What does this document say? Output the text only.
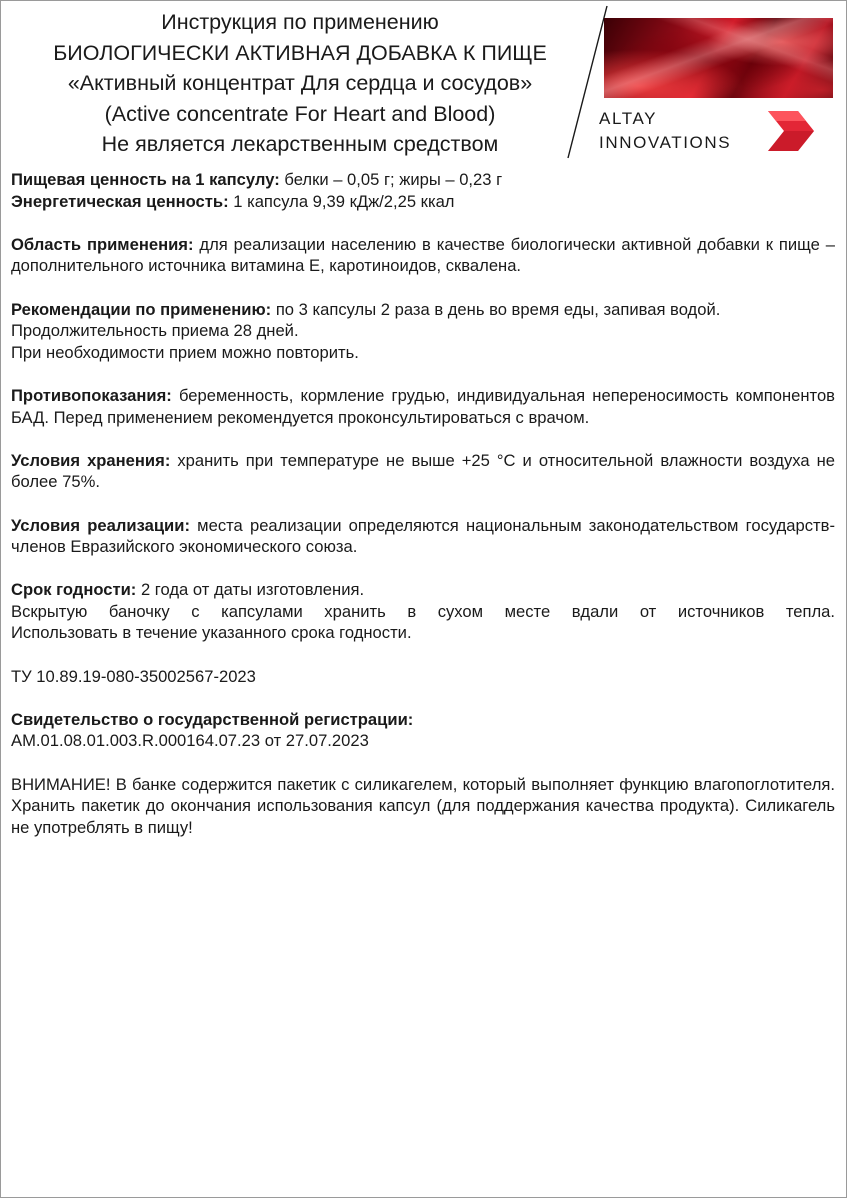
Инструкция по применению
БИОЛОГИЧЕСКИ АКТИВНАЯ ДОБАВКА К ПИЩЕ
«Активный концентрат Для сердца и сосудов»
(Active concentrate For Heart and Blood)
Не является лекарственным средством
ALTAY
INNOVATIONS
Пищевая ценность на 1 капсулу: белки – 0,05 г; жиры – 0,23 г
Энергетическая ценность: 1 капсула 9,39 кДж/2,25 ккал
Область применения: для реализации населению в качестве биологически активной добавки к пище – дополнительного источника витамина Е, каротиноидов, сквалена.
Рекомендации по применению: по 3 капсулы 2 раза в день во время еды, запивая водой.
Продолжительность приема 28 дней.
При необходимости прием можно повторить.
Противопоказания: беременность, кормление грудью, индивидуальная непереносимость компонентов БАД. Перед применением рекомендуется проконсультироваться с врачом.
Условия хранения: хранить при температуре не выше +25 °C и относительной влажности воздуха не более 75%.
Условия реализации: места реализации определяются национальным законодательством государств-членов Евразийского экономического союза.
Срок годности: 2 года от даты изготовления.
Вскрытую баночку с капсулами хранить в сухом месте вдали от источников тепла.
Использовать в течение указанного срока годности.
ТУ 10.89.19-080-35002567-2023
Свидетельство о государственной регистрации:
AM.01.08.01.003.R.000164.07.23 от 27.07.2023
ВНИМАНИЕ! В банке содержится пакетик с силикагелем, который выполняет функцию влагопоглотителя. Хранить пакетик до окончания использования капсул (для поддержания качества продукта). Силикагель не употреблять в пищу!
